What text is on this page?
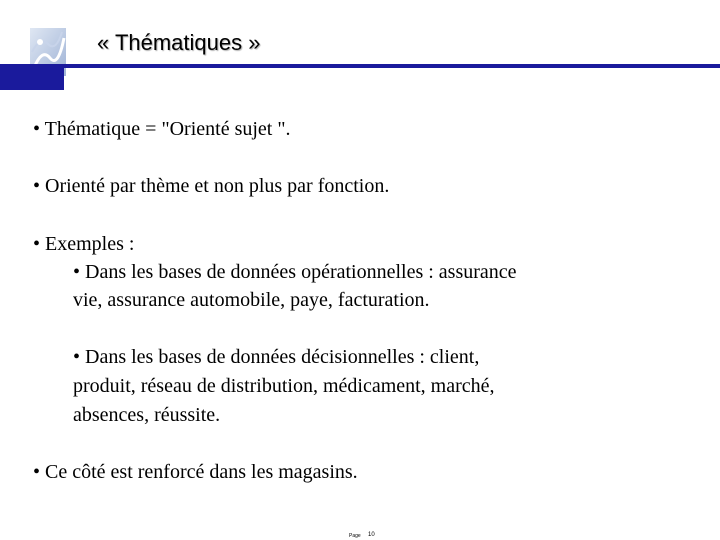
« Thématiques »
• Thématique = "Orienté sujet ".
• Orienté par thème et non plus par fonction.
• Exemples :
• Dans les bases de données opérationnelles : assurance
vie, assurance automobile, paye, facturation.
• Dans les bases de données décisionnelles : client,
produit, réseau de distribution, médicament, marché,
absences, réussite.
• Ce côté est renforcé dans les magasins.
Page 10
